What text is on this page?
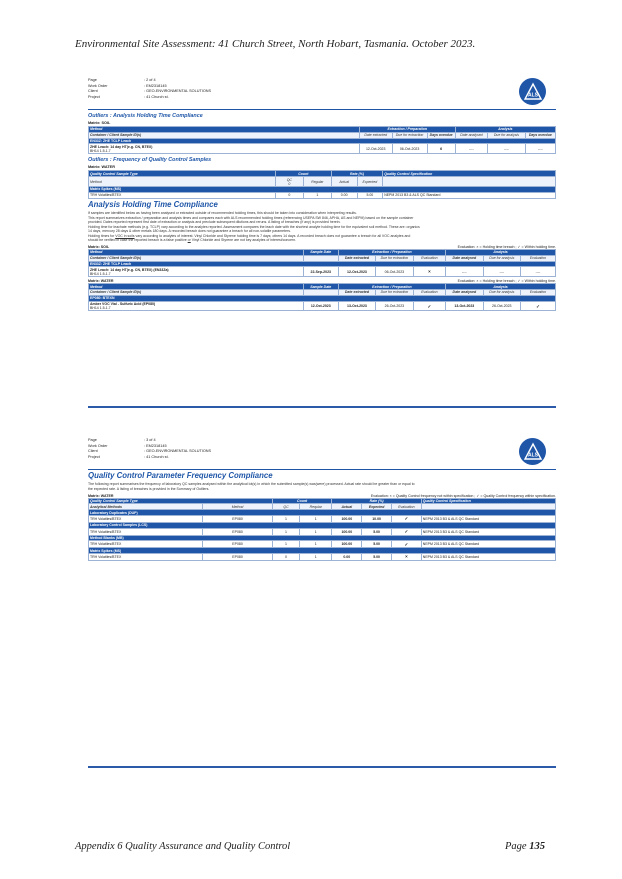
Environmental Site Assessment: 41 Church Street, North Hobart, Tasmania. October 2023.
Page	: 2 of 4
Work Order	: EM2318145
Client	: GEO-ENVIRONMENTAL SOLUTIONS
Project	: 41 Church st.	ALS
Outliers : Analysis Holding Time Compliance
Matrix: SOIL
Method	Extraction / Preparation			Analysis		
Container / Client Sample ID(s)	Date extracted	Due for extraction	Days overdue	Date analysed	Due for analysis	Days overdue
EN33Z: ZHE TCLP Leach						

ZHE Leach: 14 day HT(e.g. CN, BTEX)
BH14 1.5-1.7	12-Oct-2023	06-Oct-2023	6	----	----	----
Outliers : Frequency of Quality Control Samples
Matrix: WATER
Quality Control Sample Type	Count		Rate (%)		Quality Control Specification
Method	QC
0	Regular	Actual	Expected	
Matrix Spikes (MS)					
TRH Volatiles/BTEX	0	1	0.00	5.00	NEPM 2013 B3 & ALS QC Standard
Analysis Holding Time Compliance
If samples are identified below as having been analysed or extracted outside of recommended holding times, this should be taken into consideration when interpreting results.
This report summarizes extraction / preparation and analysis times and compares each with ALS recommended holding times (referencing USEPA SW 846, APHA, AS and NEPM) based on the sample container
provided. Dates reported represent first date of extraction or analysis and preclude subsequent dilutions and reruns. A listing of breaches (if any) is provided herein.
Holding time for leachate methods (e.g. TCLP) vary according to the analytes reported. Assessment compares the leach date with the shortest analyte holding time for the equivalent soil method. These are: organics
14 days, mercury 28 days & other metals 180 days. A recorded breach does not guarantee a breach for all non-volatile parameters.
Holding times for VOC in soils vary according to analytes of interest. Vinyl Chloride and Styrene holding time is 7 days; others 14 days. A recorded breach does not guarantee a breach for all VOC analytes and
should be verified in case the reported breach is a false positive or Vinyl Chloride and Styrene are not key analytes of interest/concern.
Matrix: SOIL	Evaluation: × = Holding time breach ; ✓ = Within holding time.
Method	Sample Date	Extraction / Preparation			Analysis		
Container / Client Sample ID(s)		Date extracted	Due for extraction	Evaluation	Date analysed	Due for analysis	Evaluation
EN33Z: ZHE TCLP Leach							

ZHE Leach: 14 day HT(e.g. CN, BTEX) (EN33Za)
BH14 1.5-1.7	22-Sep-2023	12-Oct-2023	06-Oct-2023	×	----	----	----
Matrix: WATER	Evaluation: × = Holding time breach ; ✓ = Within holding time.
Method	Sample Date	Extraction / Preparation			Analysis		
Container / Client Sample ID(s)		Date extracted	Due for extraction	Evaluation	Date analysed	Due for analysis	Evaluation
EP080: BTEXN							

Amber VOC Vial - Sulfuric Acid (EP080)
BH14 1.5-1.7	12-Oct-2023	13-Oct-2023	26-Oct-2023	✓	13-Oct-2023	26-Oct-2023	✓
Page	: 3 of 4
Work Order	: EM2318145
Client	: GEO-ENVIRONMENTAL SOLUTIONS
Project	: 41 Church st.	ALS
Quality Control Parameter Frequency Compliance
The following report summarises the frequency of laboratory QC samples analysed within the analytical lot(s) in which the submitted sample(s) was(were) processed. Actual rate should be greater than or equal to
the expected rate. A listing of breaches is provided in the Summary of Outliers.
Matrix: WATER	Evaluation: × = Quality Control frequency not within specification ; ✓ = Quality Control frequency within specification.
Quality Control Sample Type		Count		Rate (%)			Quality Control Specification
Analytical Methods	Method	QC	Reqular	Actual	Expected	Evaluation	
Laboratory Duplicates (DUP)							
TRH Volatiles/BTEX	EP080	1	1	100.00	10.00	✓	NEPM 2013 B3 & ALS QC Standard
Laboratory Control Samples (LCS)							
TRH Volatiles/BTEX	EP080	1	1	100.00	5.00	✓	NEPM 2013 B3 & ALS QC Standard
Method Blanks (MB)							
TRH Volatiles/BTEX	EP080	1	1	100.00	5.00	✓	NEPM 2013 B3 & ALS QC Standard
Matrix Spikes (MS)							
TRH Volatiles/BTEX	EP080	0	1	0.00	5.00	×	NEPM 2013 B3 & ALS QC Standard
Appendix 6 Quality Assurance and Quality Control	Page 135
